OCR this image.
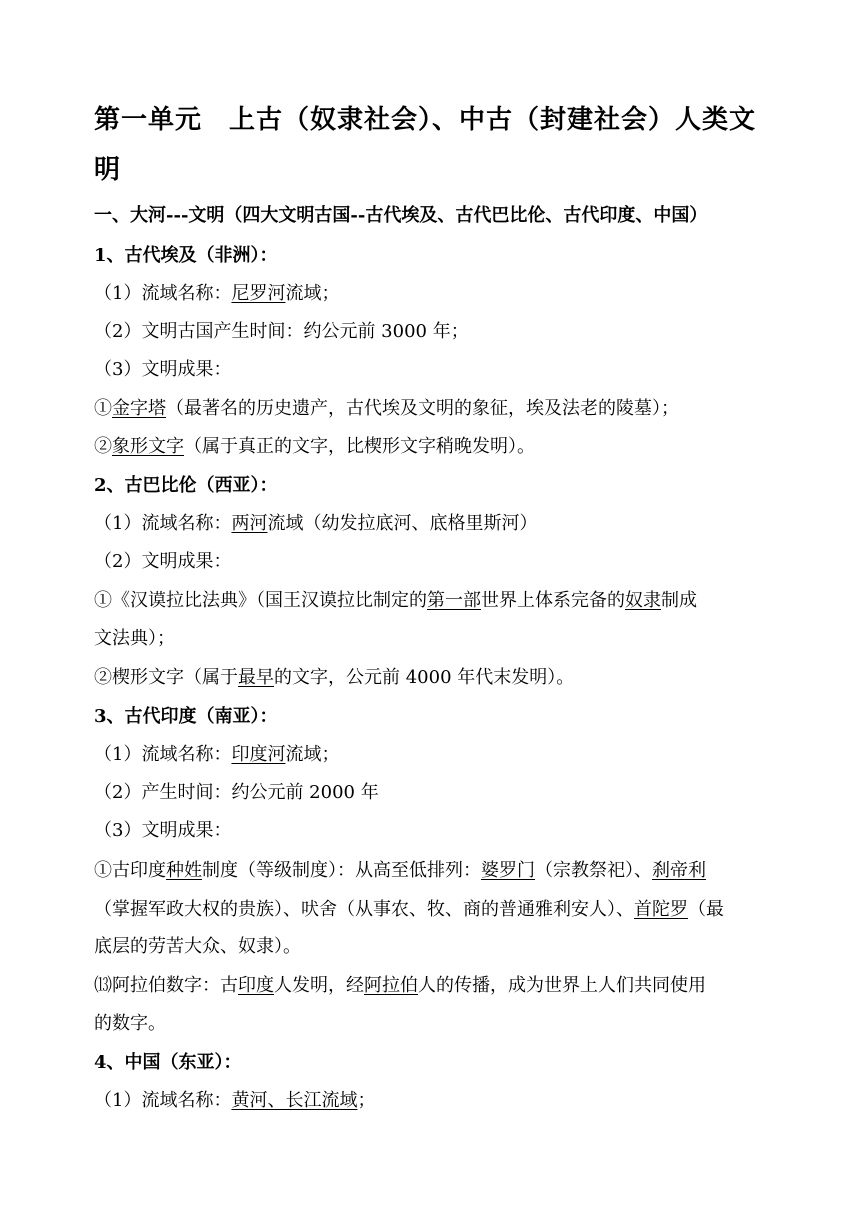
第一单元　上古（奴隶社会）、中古（封建社会）人类文
明
一、大河---文明（四大文明古国--古代埃及、古代巴比伦、古代印度、中国）
1、古代埃及（非洲）：
（1）流域名称：尼罗河流域；
（2）文明古国产生时间：约公元前 3000 年；
（3）文明成果：
①金字塔（最著名的历史遗产，古代埃及文明的象征，埃及法老的陵墓）；
②象形文字（属于真正的文字，比楔形文字稍晚发明）。
2、古巴比伦（西亚）：
（1）流域名称：两河流域（幼发拉底河、底格里斯河）
（2）文明成果：
①《汉谟拉比法典》（国王汉谟拉比制定的第一部世界上体系完备的奴隶制成
文法典）；
②楔形文字（属于最早的文字，公元前 4000 年代末发明）。
3、古代印度（南亚）：
（1）流域名称：印度河流域；
（2）产生时间：约公元前 2000 年
（3）文明成果：
①古印度种姓制度（等级制度）：从高至低排列：婆罗门（宗教祭祀）、刹帝利
（掌握军政大权的贵族）、吠舍（从事农、牧、商的普通雅利安人）、首陀罗（最
底层的劳苦大众、奴隶）。
⒀阿拉伯数字：古印度人发明，经阿拉伯人的传播，成为世界上人们共同使用
的数字。
4、中国（东亚）：
（1）流域名称：黄河、长江流域；
